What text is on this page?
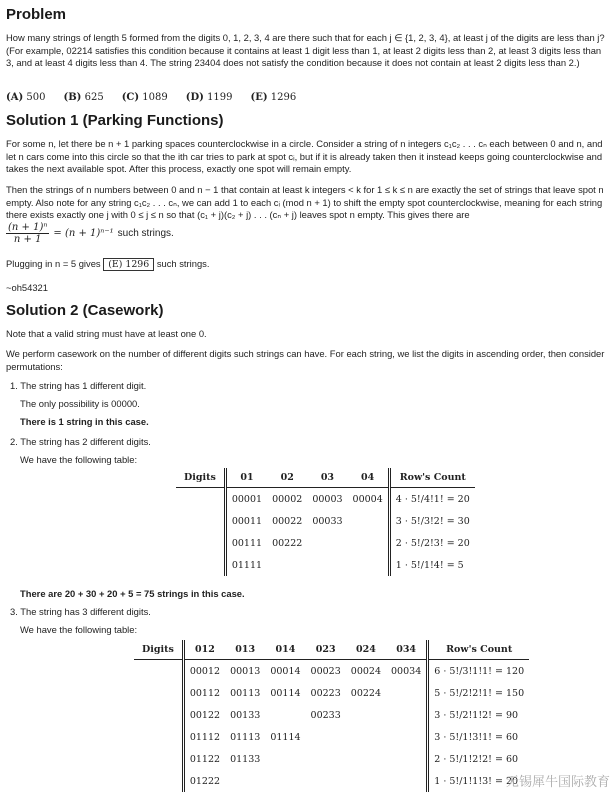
Problem

How many strings of length 5 formed from the digits 0, 1, 2, 3, 4 are there such that for each j ∈ {1, 2, 3, 4}, at least j of the digits are less than j? (For example, 02214 satisfies this condition because it contains at least 1 digit less than 1, at least 2 digits less than 2, at least 3 digits less than 3, and at least 4 digits less than 4. The string 23404 does not satisfy the condition because it does not contain at least 2 digits less than 2.)

(A) 500 (B) 625 (C) 1089 (D) 1199 (E) 1296
Solution 1 (Parking Functions)

For some n, let there be n + 1 parking spaces counterclockwise in a circle. Consider a string of n integers c₁c₂ . . . cₙ each between 0 and n, and let n cars come into this circle so that the ith car tries to park at spot cᵢ, but if it is already taken then it instead keeps going counterclockwise and takes the next available spot. After this process, exactly one spot will remain empty.

Then the strings of n numbers between 0 and n − 1 that contain at least k integers < k for 1 ≤ k ≤ n are exactly the set of strings that leave spot n empty. Also note for any string c₁c₂ . . . cₙ, we can add 1 to each cᵢ (mod n + 1) to shift the empty spot counterclockwise, meaning for each string there exists exactly one j with 0 ≤ j ≤ n so that (c₁ + j)(c₂ + j) . . . (cₙ + j) leaves spot n empty. This gives there are

$\frac{\text{(n + 1)ⁿ}}{n + 1} = (n + 1)^{n-1}$ such strings.
Plugging in n = 5 gives (E) 1296 such strings.
~oh54321
Solution 2 (Casework)

Note that a valid string must have at least one 0.

We perform casework on the number of different digits such strings can have. For each string, we list the digits in ascending order, then consider permutations:

1. The string has 1 different digit.
The only possibility is 00000.
There is 1 string in this case.
2. The string has 2 different digits.
We have the following table:
Digits	01	02	03	04	Row's Count
	00001	00002	00003	00004	4 · 5!/4!1! = 20
	00011	00022	00033		3 · 5!/3!2! = 30
	00111	00222			2 · 5!/2!3! = 20
	01111				1 · 5!/1!4! = 5
There are 20 + 30 + 20 + 5 = 75 strings in this case.
3. The string has 3 different digits.
We have the following table:
Digits	012	013	014	023	024	034	Row's Count
	00012	00013	00014	00023	00024	00034	6 · 5!/3!1!1! = 120
	00112	00113	00114	00223	00224		5 · 5!/2!2!1! = 150
	00122	00133		00233			3 · 5!/2!1!2! = 90
	01112	01113	01114				3 · 5!/1!3!1! = 60
	01122	01133					2 · 5!/1!2!2! = 60
	01222						1 · 5!/1!1!3! = 20
无锡犀牛国际教育
